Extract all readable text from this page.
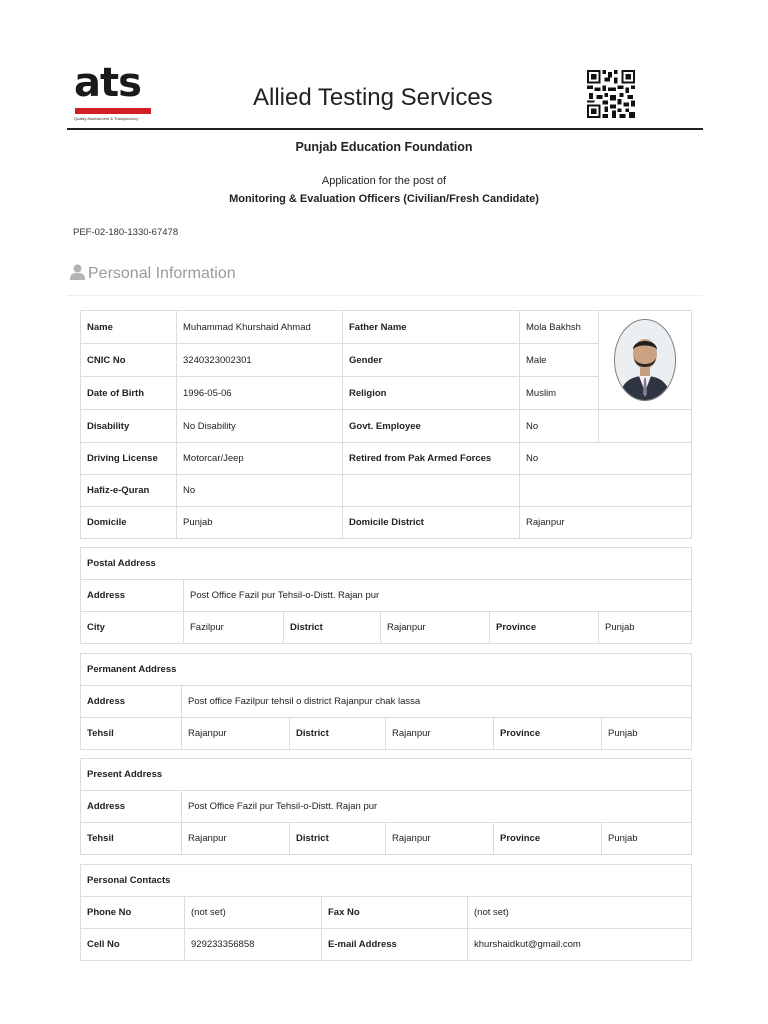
ats
Quality Assessment & Transparency
Allied Testing Services
Punjab Education Foundation
Application for the post of
Monitoring & Evaluation Officers (Civilian/Fresh Candidate)
PEF-02-180-1330-67478
Personal Information
Name	Muhammad Khurshaid Ahmad	Father Name	Mola Bakhsh	

CNIC No	3240323002301	Gender	Male	
Date of Birth	1996-05-06	Religion	Muslim	
Disability	No Disability	Govt. Employee	No	
Driving License	Motorcar/Jeep	Retired from Pak Armed Forces	No	
Hafiz-e-Quran	No			
Domicile	Punjab	Domicile District	Rajanpur	
Postal Address					
Address	Post Office Fazil pur Tehsil-o-Distt. Rajan pur				
City	Fazilpur	District	Rajanpur	Province	Punjab
Permanent Address					
Address	Post office Fazilpur tehsil o district Rajanpur chak lassa				
Tehsil	Rajanpur	District	Rajanpur	Province	Punjab
Present Address					
Address	Post Office Fazil pur Tehsil-o-Distt. Rajan pur				
Tehsil	Rajanpur	District	Rajanpur	Province	Punjab
Personal Contacts			
Phone No	(not set)	Fax No	(not set)
Cell No	929233356858	E-mail Address	khurshaidkut@gmail.com
